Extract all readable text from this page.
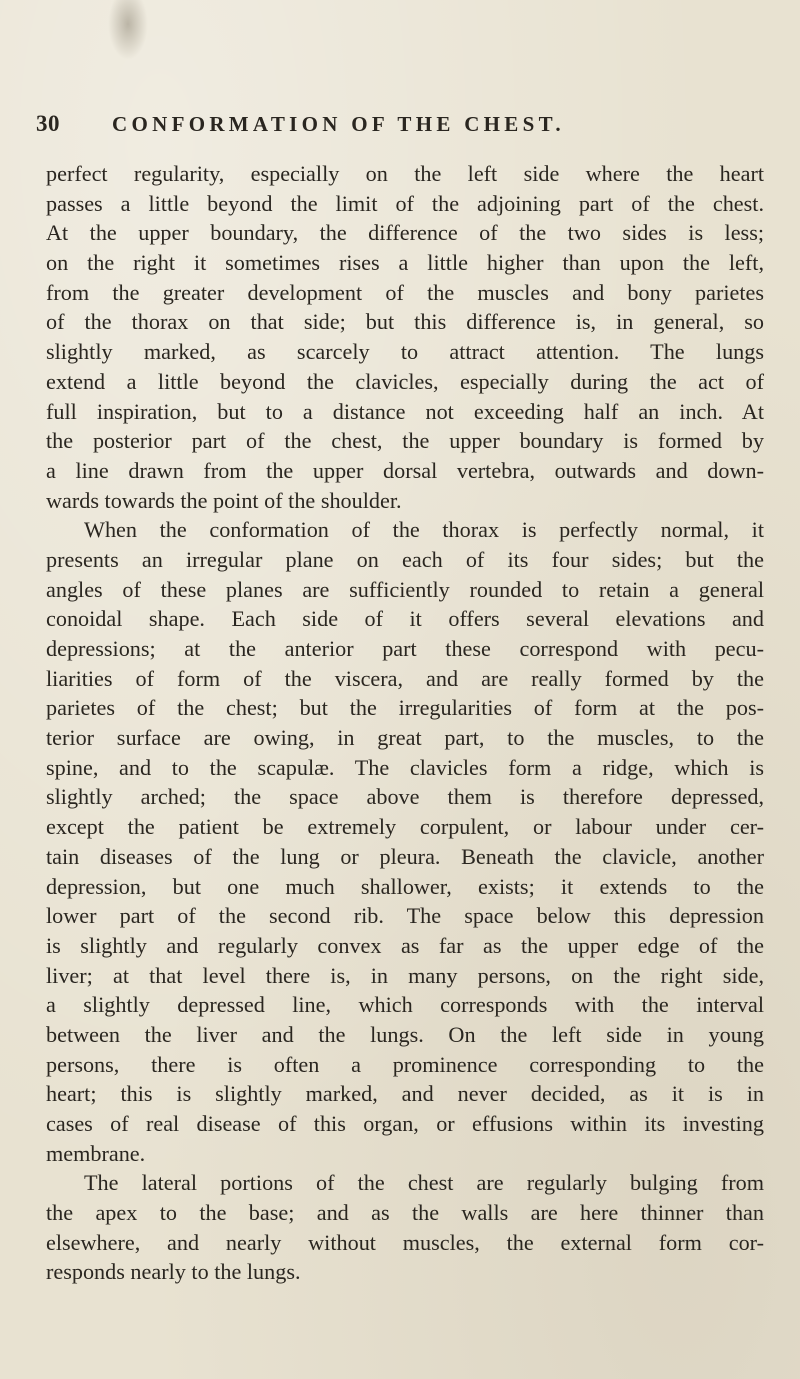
30 CONFORMATION OF THE CHEST.
perfect regularity, especially on the left side where the heart
passes a little beyond the limit of the adjoining part of the chest.
At the upper boundary, the difference of the two sides is less;
on the right it sometimes rises a little higher than upon the left,
from the greater development of the muscles and bony parietes
of the thorax on that side; but this difference is, in general, so
slightly marked, as scarcely to attract attention. The lungs
extend a little beyond the clavicles, especially during the act of
full inspiration, but to a distance not exceeding half an inch. At
the posterior part of the chest, the upper boundary is formed by
a line drawn from the upper dorsal vertebra, outwards and down-
wards towards the point of the shoulder.
When the conformation of the thorax is perfectly normal, it
presents an irregular plane on each of its four sides; but the
angles of these planes are sufficiently rounded to retain a general
conoidal shape. Each side of it offers several elevations and
depressions; at the anterior part these correspond with pecu-
liarities of form of the viscera, and are really formed by the
parietes of the chest; but the irregularities of form at the pos-
terior surface are owing, in great part, to the muscles, to the
spine, and to the scapulæ. The clavicles form a ridge, which is
slightly arched; the space above them is therefore depressed,
except the patient be extremely corpulent, or labour under cer-
tain diseases of the lung or pleura. Beneath the clavicle, another
depression, but one much shallower, exists; it extends to the
lower part of the second rib. The space below this depression
is slightly and regularly convex as far as the upper edge of the
liver; at that level there is, in many persons, on the right side,
a slightly depressed line, which corresponds with the interval
between the liver and the lungs. On the left side in young
persons, there is often a prominence corresponding to the
heart; this is slightly marked, and never decided, as it is in
cases of real disease of this organ, or effusions within its investing
membrane.
The lateral portions of the chest are regularly bulging from
the apex to the base; and as the walls are here thinner than
elsewhere, and nearly without muscles, the external form cor-
responds nearly to the lungs.
